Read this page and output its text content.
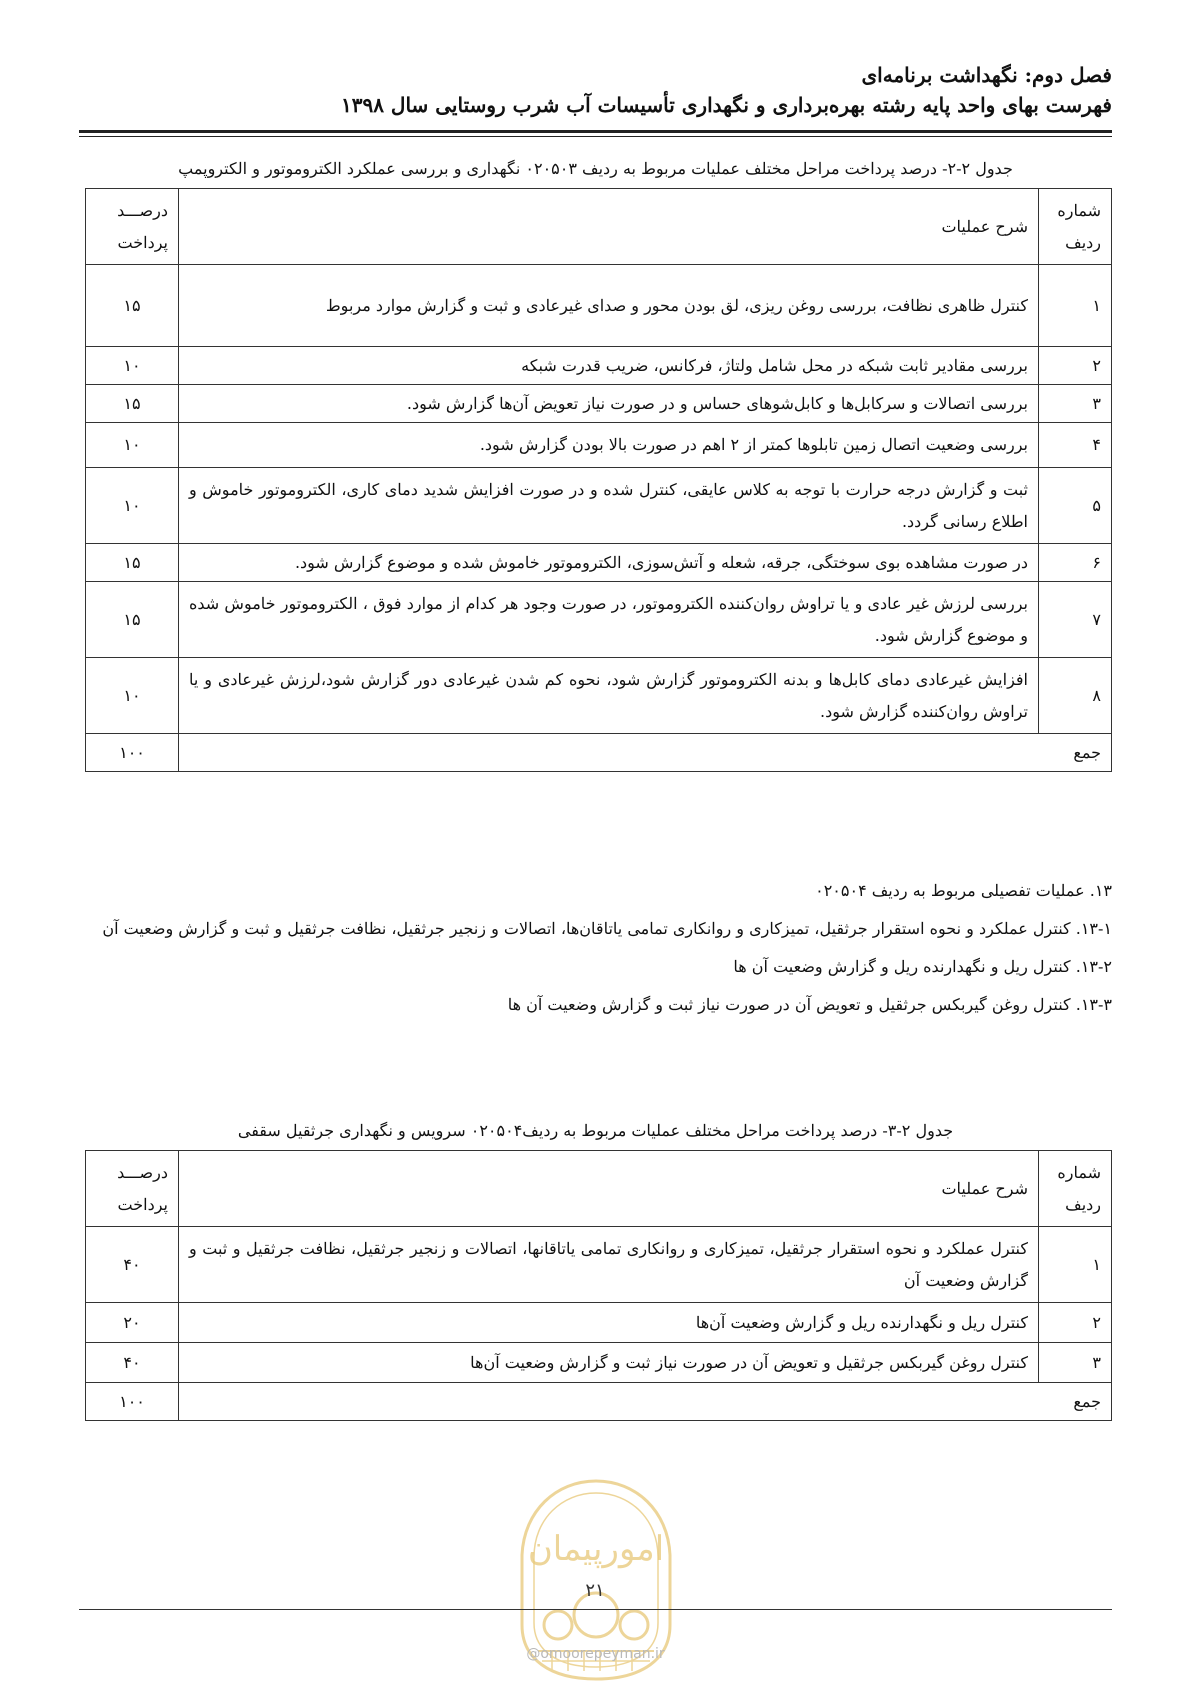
فصل دوم: نگهداشت برنامه‌ای
فهرست بهای واحد پایه رشته بهره‌برداری و نگهداری تأسیسات آب شرب روستایی سال ۱۳۹۸
جدول ۲-۲- درصد پرداخت مراحل مختلف عملیات مربوط به ردیف ۰۲۰۵۰۳ نگهداری و بررسی عملکرد الکتروموتور و الکتروپمپ
شماره ردیف	شرح عملیات	درصـــد پرداخت
۱	کنترل ظاهری نظافت، بررسی روغن ریزی، لق بودن محور و صدای غیرعادی و ثبت و گزارش موارد مربوط	۱۵
۲	بررسی مقادیر ثابت شبکه در محل شامل ولتاژ، فرکانس، ضریب قدرت شبکه	۱۰
۳	بررسی اتصالات و سرکابل‌ها و کابل‌شوهای حساس و در صورت نیاز تعویض آن‌ها گزارش شود.	۱۵
۴	بررسی وضعیت اتصال زمین تابلوها کمتر از ۲ اهم در صورت بالا بودن گزارش شود.	۱۰
۵	ثبت و گزارش درجه حرارت با توجه به کلاس عایقی، کنترل شده و در صورت افزایش شدید دمای کاری، الکتروموتور خاموش و اطلاع رسانی گردد.	۱۰
۶	در صورت مشاهده بوی سوختگی، جرقه، شعله و آتش‌سوزی، الکتروموتور خاموش شده و موضوع گزارش شود.	۱۵
۷	بررسی لرزش غیر عادی و یا تراوش روان‌کننده الکتروموتور، در صورت وجود هر کدام از موارد فوق ، الکتروموتور خاموش شده و موضوع گزارش شود.	۱۵
۸	افزایش غیرعادی دمای کابل‌ها و بدنه الکتروموتور گزارش شود، نحوه کم شدن غیرعادی دور گزارش شود،لرزش غیرعادی و یا تراوش روان‌کننده گزارش شود.	۱۰
جمع		۱۰۰

۱۳. عملیات تفصیلی مربوط به ردیف ۰۲۰۵۰۴

۱۳-۱. کنترل عملکرد و نحوه استقرار جرثقیل، تمیزکاری و روانکاری تمامی یاتاقان‌ها، اتصالات و زنجیر جرثقیل، نظافت جرثقیل و ثبت و گزارش وضعیت آن

۱۳-۲. کنترل ریل و نگهدارنده ریل و گزارش وضعیت آن ها

۱۳-۳. کنترل روغن گیربکس جرثقیل و تعویض آن در صورت نیاز ثبت و گزارش وضعیت آن ها

جدول ۲-۳- درصد پرداخت مراحل مختلف عملیات مربوط به ردیف۰۲۰۵۰۴ سرویس و نگهداری جرثقیل سقفی
شماره ردیف	شرح عملیات	درصـــد پرداخت
۱	کنترل عملکرد و نحوه استقرار جرثقیل، تمیزکاری و روانکاری تمامی یاتاقانها، اتصالات و زنجیر جرثقیل، نظافت جرثقیل و ثبت و گزارش وضعیت آن	۴۰
۲	کنترل ریل و نگهدارنده ریل و گزارش وضعیت آن‌ها	۲۰
۳	کنترل روغن گیربکس جرثقیل و تعویض آن در صورت نیاز ثبت و گزارش وضعیت آن‌ها	۴۰
جمع		۱۰۰
امورپیمان
۲۱
@omoorepeyman.ir
